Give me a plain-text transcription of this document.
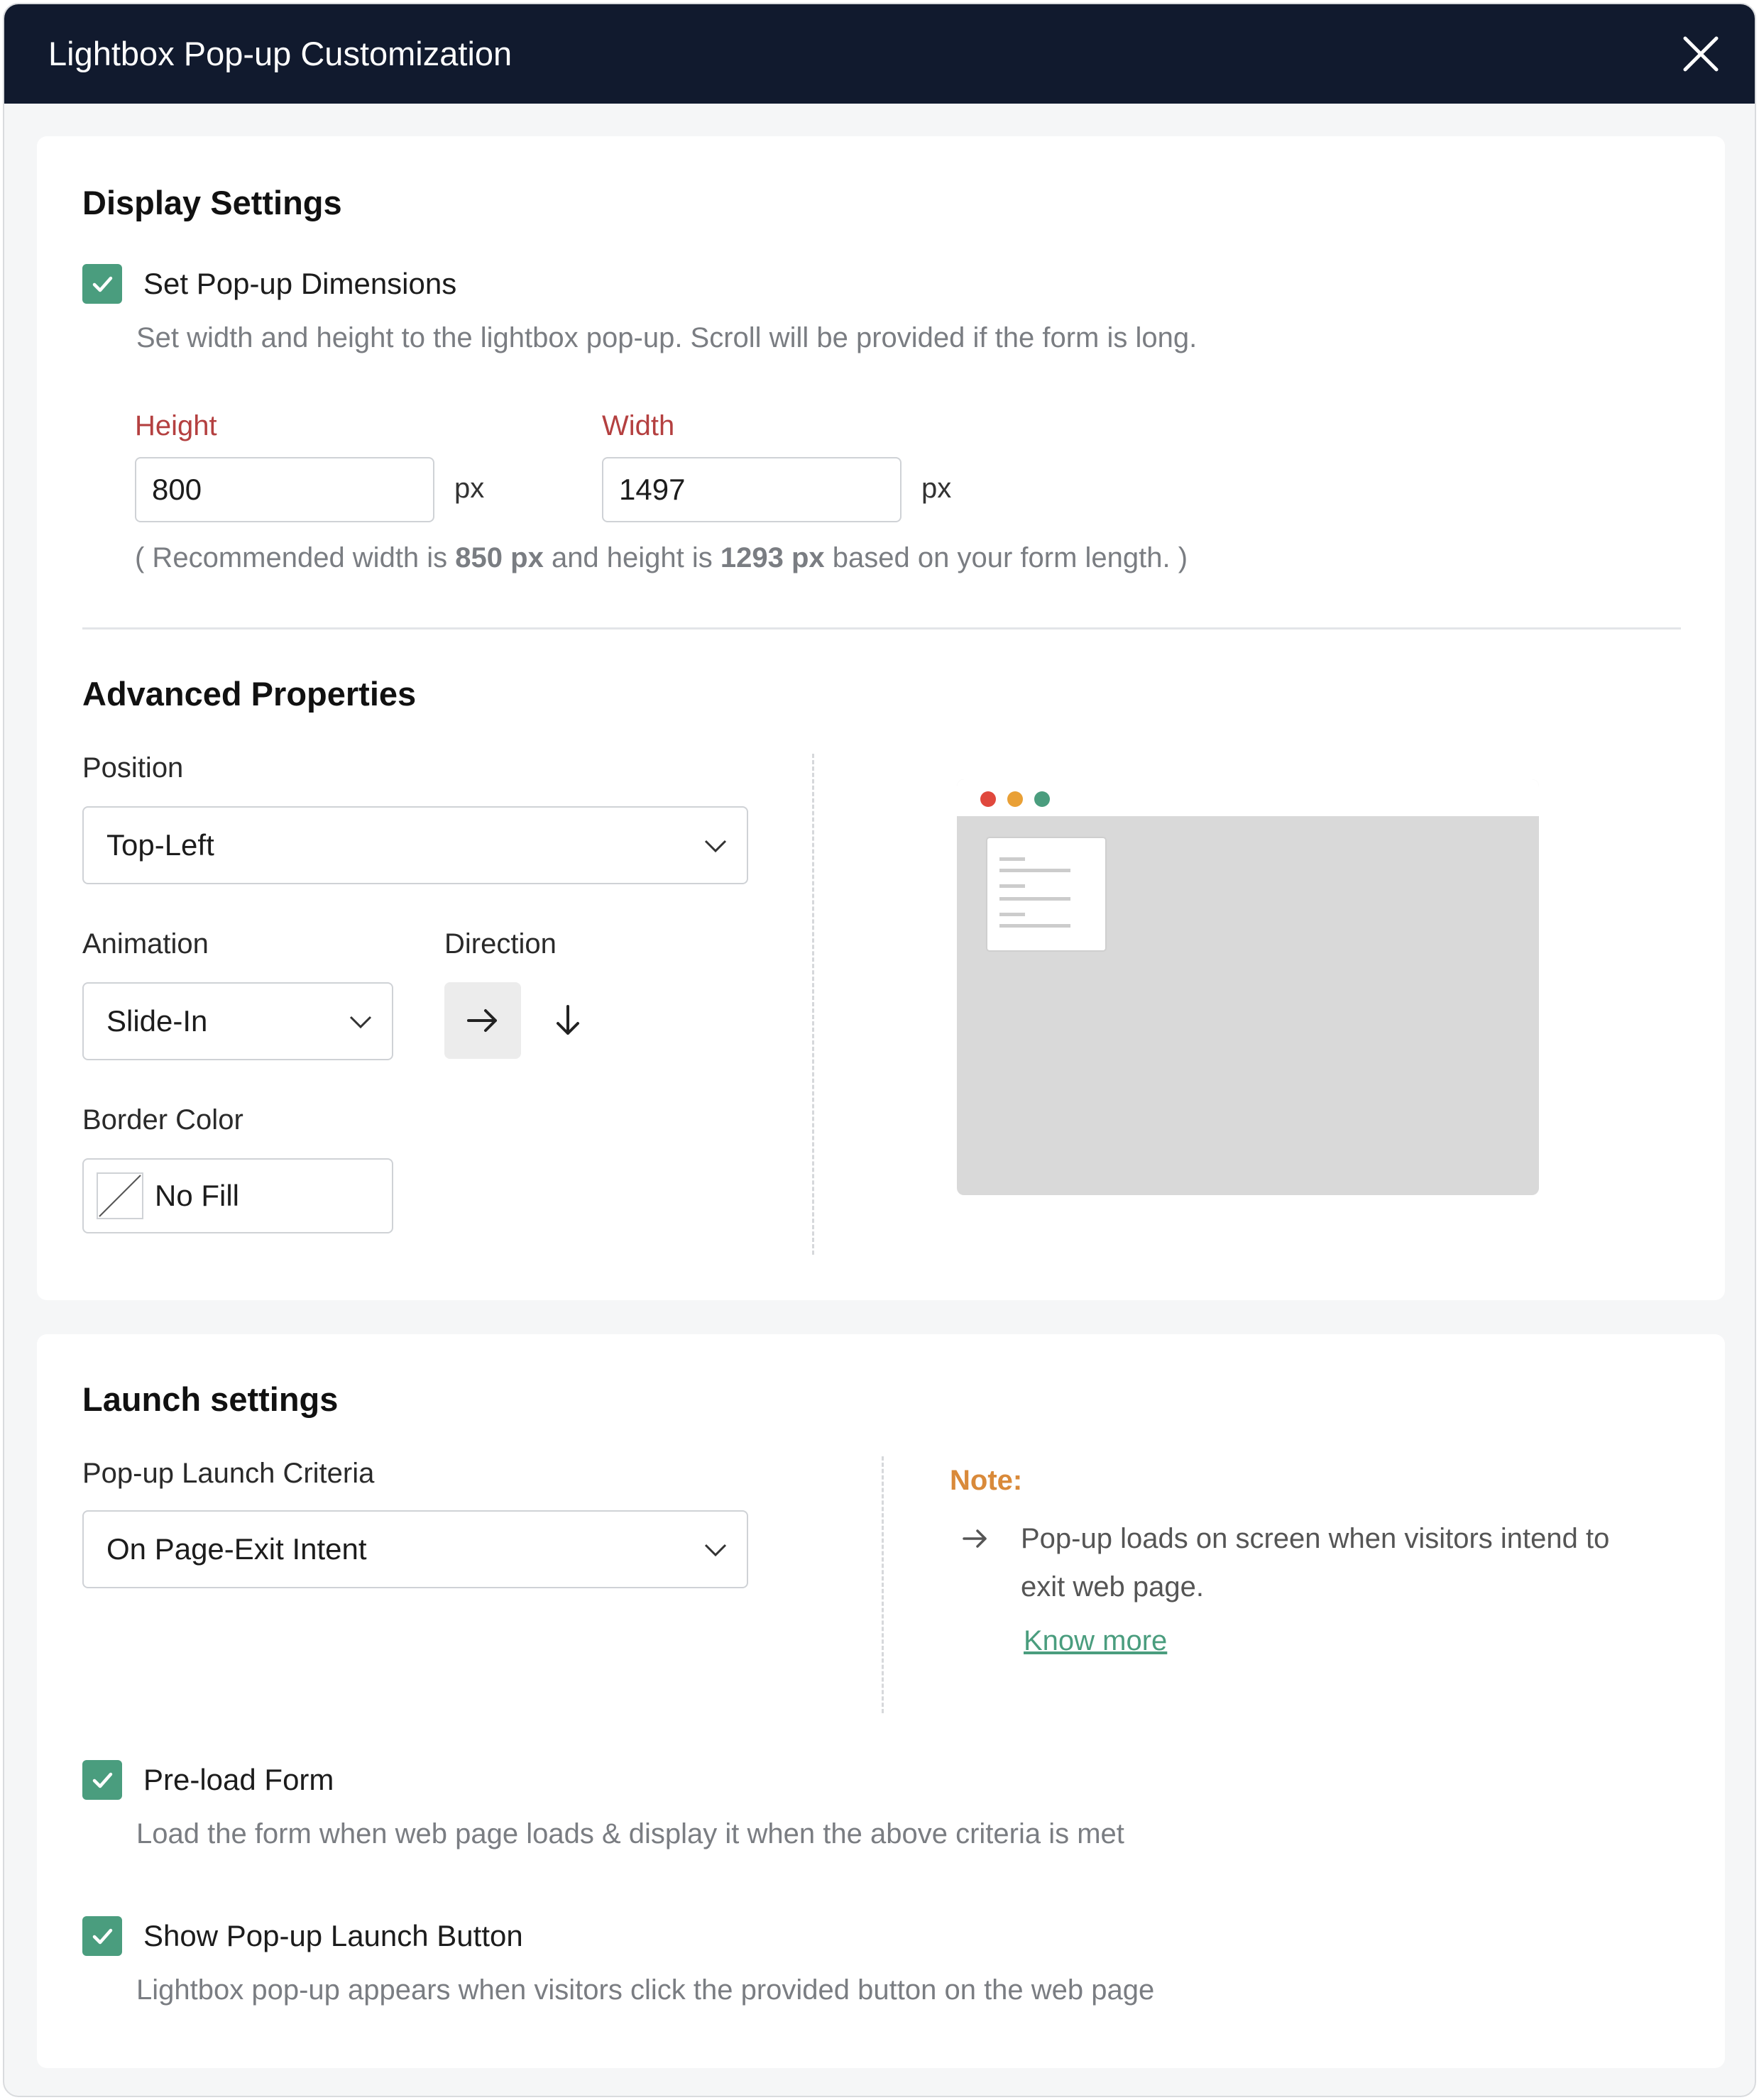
Lightbox Pop-up Customization
Display Settings
Set Pop-up Dimensions
Set width and height to the lightbox pop-up. Scroll will be provided if the form is long.
Height
800	px
Width
1497	px
( Recommended width is 850 px and height is 1293 px based on your form length. )
Advanced Properties
Position
Top-Left
Animation
Slide-In
Direction
Border Color
No Fill
Launch settings
Pop-up Launch Criteria
On Page-Exit Intent
Note:
Pop-up loads on screen when visitors intend to exit web page.
Know more
Pre-load Form
Load the form when web page loads & display it when the above criteria is met
Show Pop-up Launch Button
Lightbox pop-up appears when visitors click the provided button on the web page
